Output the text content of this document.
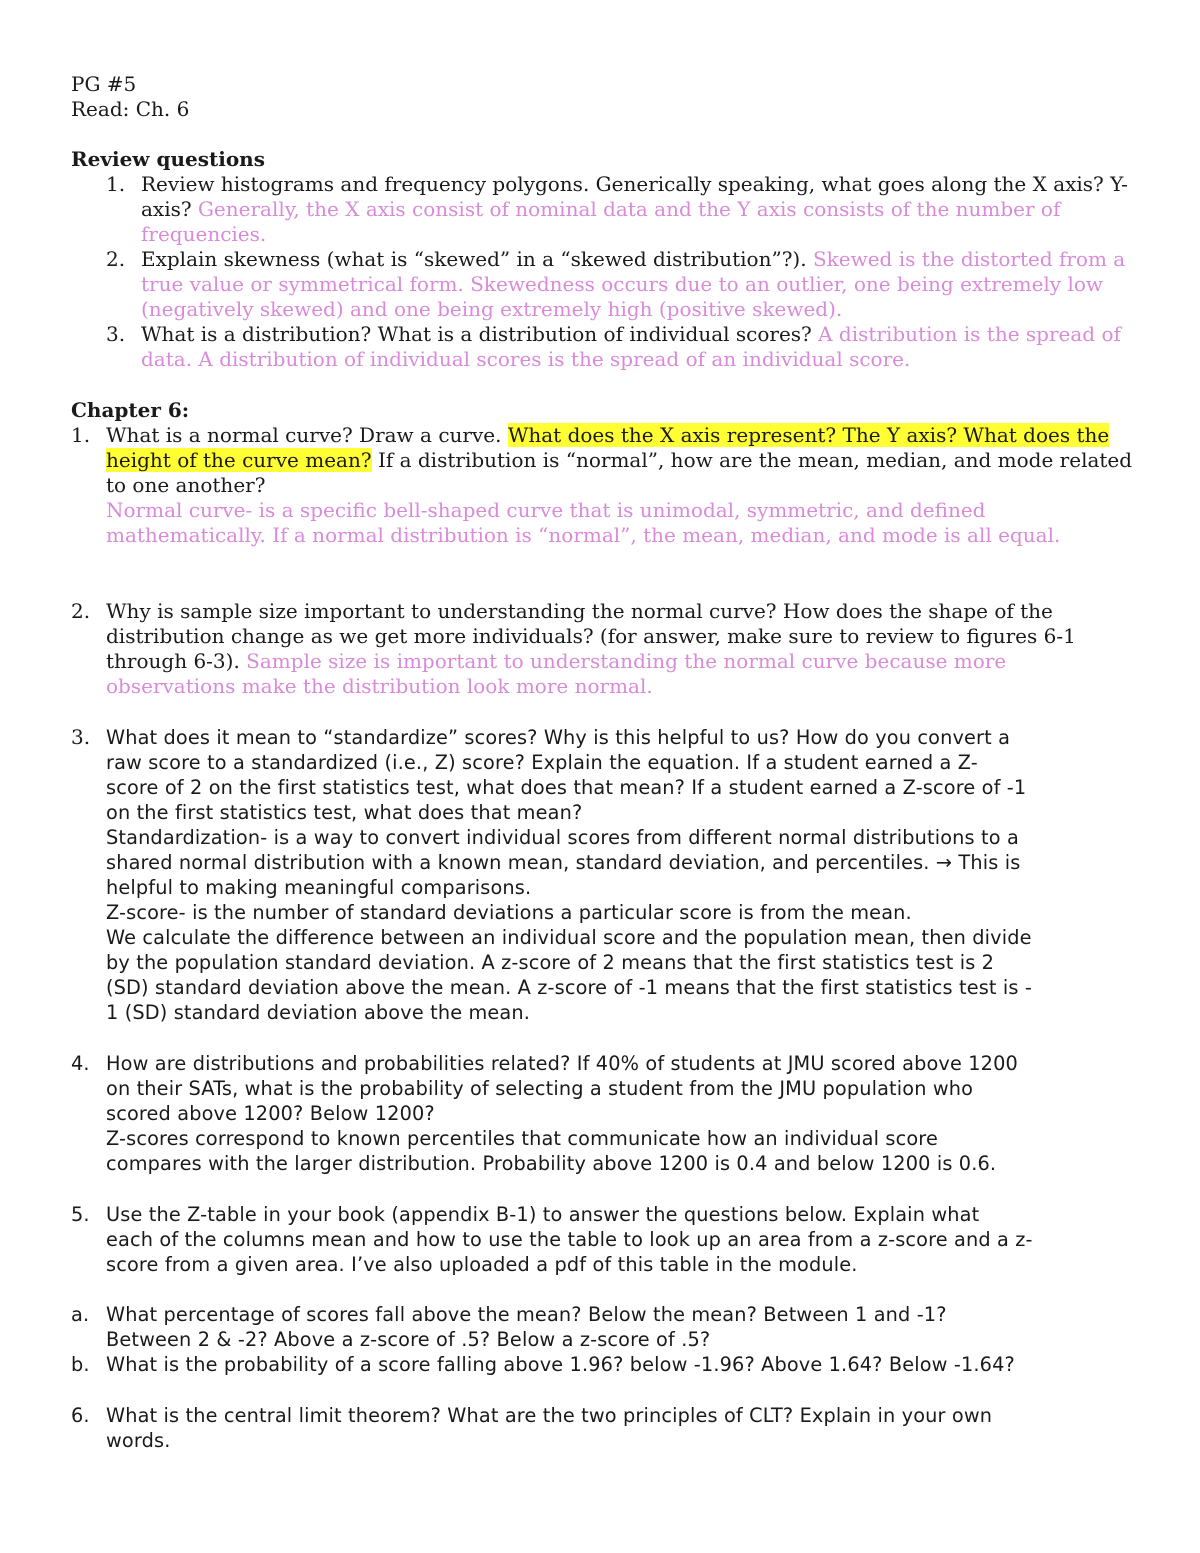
PG #5
Read: Ch. 6
Review questions
1. Review histograms and frequency polygons. Generically speaking, what goes along the X axis? Y-axis? Generally, the X axis consist of nominal data and the Y axis consists of the number of frequencies.
2. Explain skewness (what is “skewed” in a “skewed distribution”?). Skewed is the distorted from a true value or symmetrical form. Skewedness occurs due to an outlier, one being extremely low (negatively skewed) and one being extremely high (positive skewed).
3. What is a distribution? What is a distribution of individual scores? A distribution is the spread of data. A distribution of individual scores is the spread of an individual score.
Chapter 6:
1. What is a normal curve? Draw a curve. What does the X axis represent? The Y axis? What does the height of the curve mean? If a distribution is “normal”, how are the mean, median, and mode related to one another?
Normal curve- is a specific bell-shaped curve that is unimodal, symmetric, and defined mathematically. If a normal distribution is “normal”, the mean, median, and mode is all equal.
2. Why is sample size important to understanding the normal curve? How does the shape of the distribution change as we get more individuals? (for answer, make sure to review to figures 6-1 through 6-3). Sample size is important to understanding the normal curve because more observations make the distribution look more normal.
3. What does it mean to “standardize” scores? Why is this helpful to us? How do you convert a
raw score to a standardized (i.e., Z) score? Explain the equation. If a student earned a Z-
score of 2 on the first statistics test, what does that mean? If a student earned a Z-score of -1
on the first statistics test, what does that mean?
Standardization- is a way to convert individual scores from different normal distributions to a
shared normal distribution with a known mean, standard deviation, and percentiles. → This is
helpful to making meaningful comparisons.
Z-score- is the number of standard deviations a particular score is from the mean.
We calculate the difference between an individual score and the population mean, then divide
by the population standard deviation. A z-score of 2 means that the first statistics test is 2
(SD) standard deviation above the mean. A z-score of -1 means that the first statistics test is -
1 (SD) standard deviation above the mean.
4. How are distributions and probabilities related? If 40% of students at JMU scored above 1200
on their SATs, what is the probability of selecting a student from the JMU population who
scored above 1200? Below 1200?
Z-scores correspond to known percentiles that communicate how an individual score
compares with the larger distribution. Probability above 1200 is 0.4 and below 1200 is 0.6.
5. Use the Z-table in your book (appendix B-1) to answer the questions below. Explain what
each of the columns mean and how to use the table to look up an area from a z-score and a z-
score from a given area. I’ve also uploaded a pdf of this table in the module.
a. What percentage of scores fall above the mean? Below the mean? Between 1 and -1?
Between 2 & -2? Above a z-score of .5? Below a z-score of .5?
b. What is the probability of a score falling above 1.96? below -1.96? Above 1.64? Below -1.64?
6. What is the central limit theorem? What are the two principles of CLT? Explain in your own
words.
